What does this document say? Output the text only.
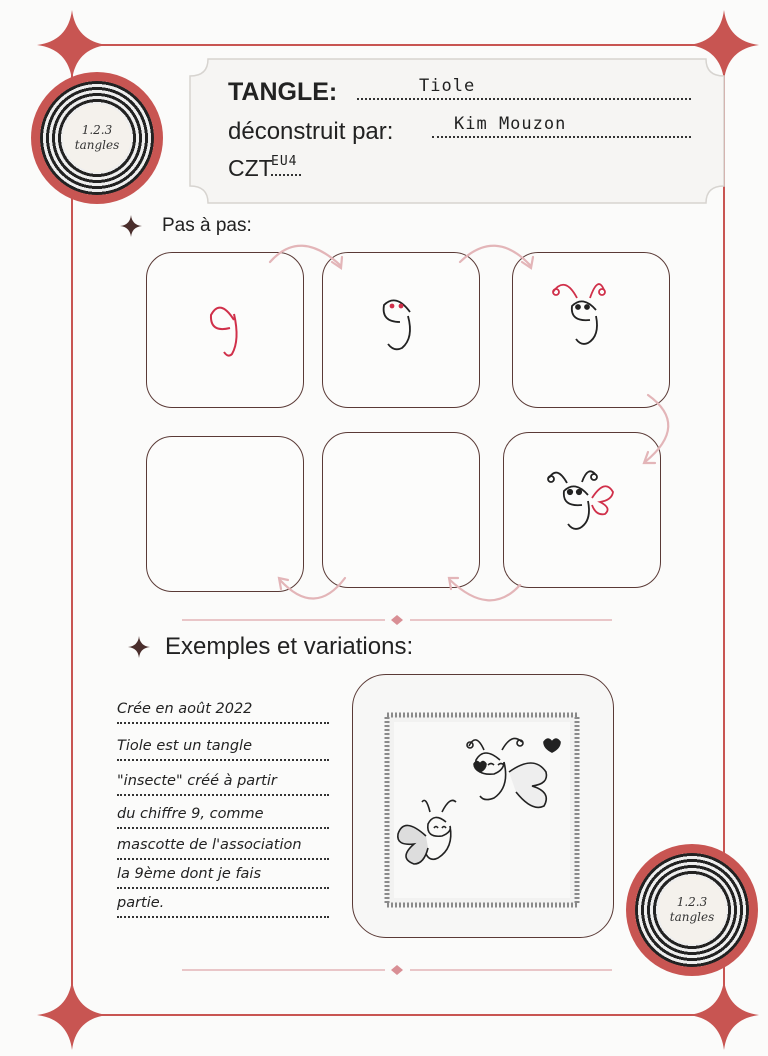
1.2.3
tangles
TANGLE:	Tiole
déconstruit par:	Kim Mouzon
CZT
EU4
Pas à pas:
Exemples et variations:
Crée en août 2022
Tiole est un tangle
"insecte" créé à partir
du chiffre 9, comme
mascotte de l'association
la 9ème dont je fais
partie.	1.2.3
tangles
